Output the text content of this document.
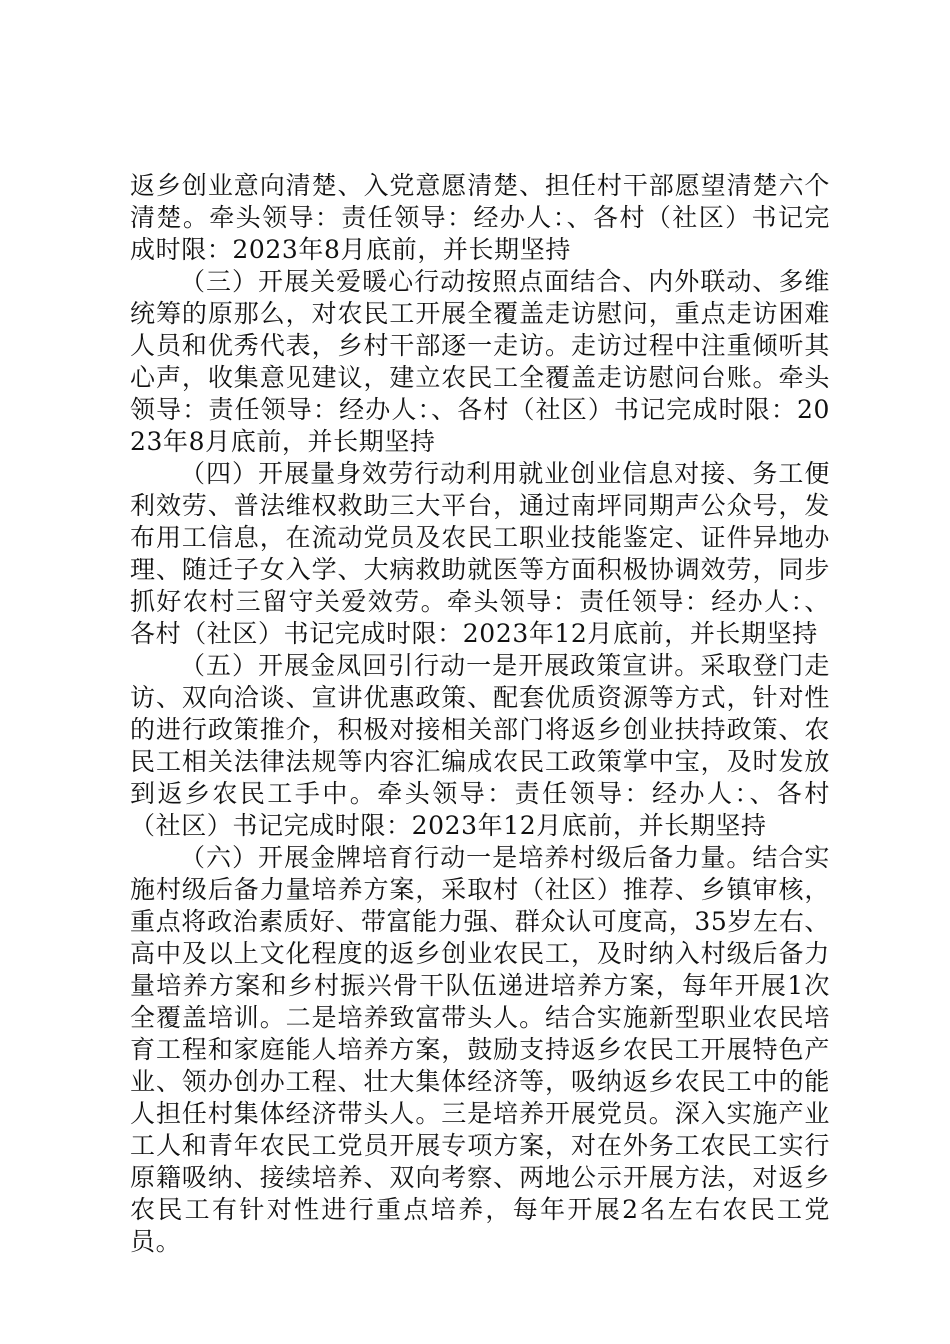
返乡创业意向清楚、入党意愿清楚、担任村干部愿望清楚六个清楚。牵头领导：责任领导：经办人：、各村（社区）书记完成时限：2023年8月底前，并长期坚持

（三）开展关爱暖心行动按照点面结合、内外联动、多维统筹的原那么，对农民工开展全覆盖走访慰问，重点走访困难人员和优秀代表，乡村干部逐一走访。走访过程中注重倾听其心声，收集意见建议，建立农民工全覆盖走访慰问台账。牵头领导：责任领导：经办人：、各村（社区）书记完成时限：2023年8月底前，并长期坚持

（四）开展量身效劳行动利用就业创业信息对接、务工便利效劳、普法维权救助三大平台，通过南坪同期声公众号，发布用工信息，在流动党员及农民工职业技能鉴定、证件异地办理、随迁子女入学、大病救助就医等方面积极协调效劳，同步抓好农村三留守关爱效劳。牵头领导：责任领导：经办人：、各村（社区）书记完成时限：2023年12月底前，并长期坚持

（五）开展金凤回引行动一是开展政策宣讲。采取登门走访、双向洽谈、宣讲优惠政策、配套优质资源等方式，针对性的进行政策推介，积极对接相关部门将返乡创业扶持政策、农民工相关法律法规等内容汇编成农民工政策掌中宝，及时发放到返乡农民工手中。牵头领导：责任领导：经办人：、各村（社区）书记完成时限：2023年12月底前，并长期坚持

（六）开展金牌培育行动一是培养村级后备力量。结合实施村级后备力量培养方案，采取村（社区）推荐、乡镇审核，重点将政治素质好、带富能力强、群众认可度高，35岁左右、高中及以上文化程度的返乡创业农民工，及时纳入村级后备力量培养方案和乡村振兴骨干队伍递进培养方案，每年开展1次全覆盖培训。二是培养致富带头人。结合实施新型职业农民培育工程和家庭能人培养方案，鼓励支持返乡农民工开展特色产业、领办创办工程、壮大集体经济等，吸纳返乡农民工中的能人担任村集体经济带头人。三是培养开展党员。深入实施产业工人和青年农民工党员开展专项方案，对在外务工农民工实行原籍吸纳、接续培养、双向考察、两地公示开展方法，对返乡农民工有针对性进行重点培养，每年开展2名左右农民工党员。
